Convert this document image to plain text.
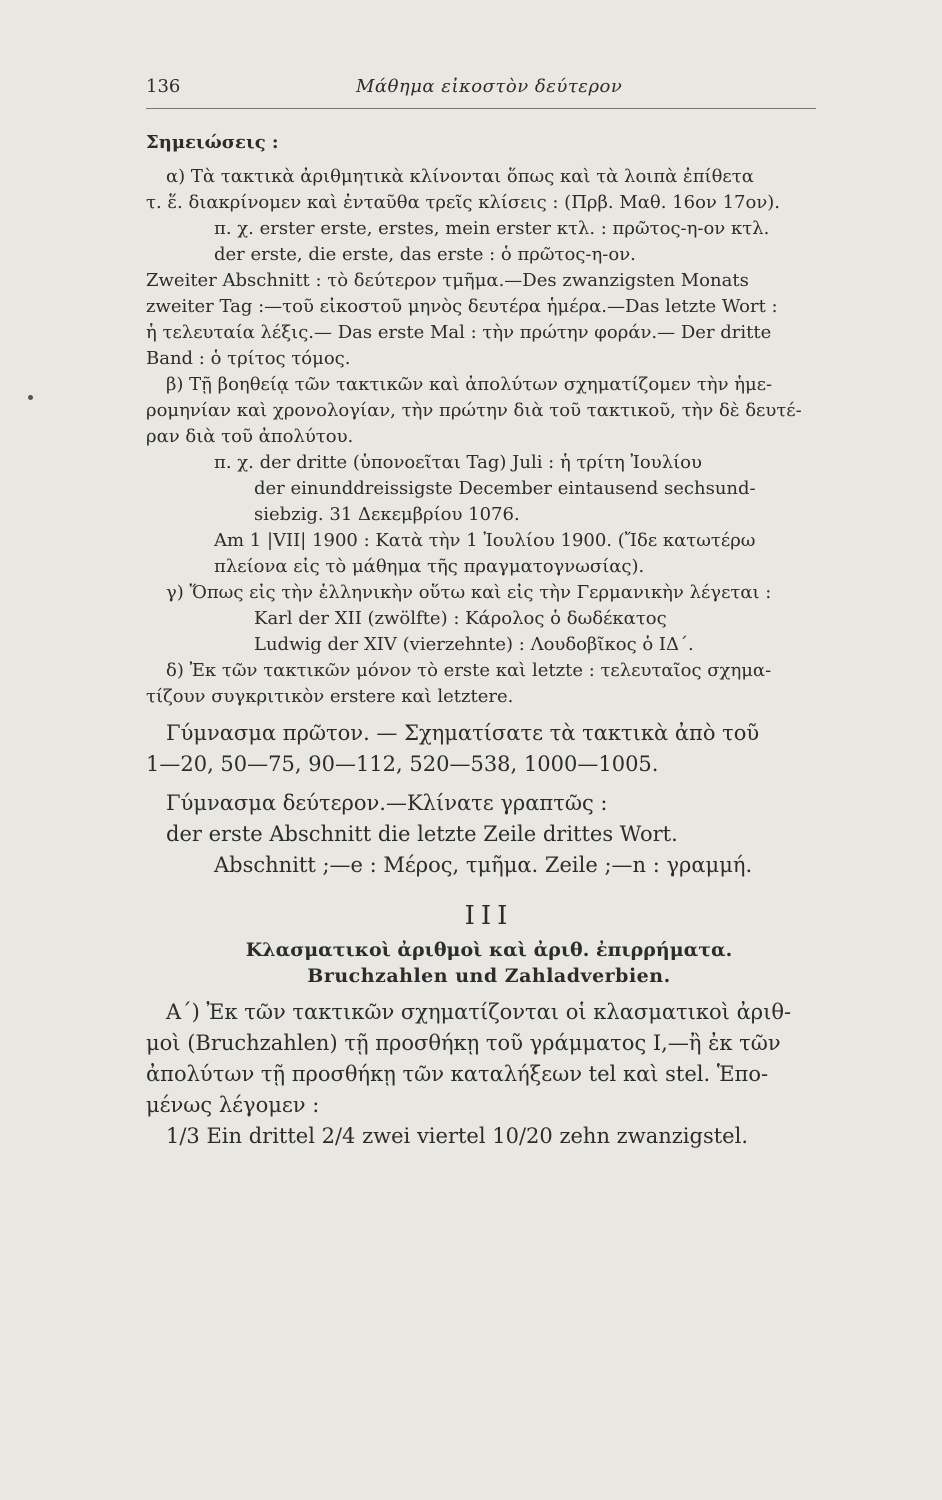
136	Μάθημα εἰκοστὸν δεύτερον
Σημειώσεις :
α) Τὰ τακτικὰ ἀριθμητικὰ κλίνονται ὅπως καὶ τὰ λοιπὰ ἐπίθετα
τ. ἕ. διακρίνομεν καὶ ἐνταῦθα τρεῖς κλίσεις : (Πρβ. Μαθ. 16ον 17ον).
π. χ. erster erste, erstes, mein erster κτλ. : πρῶτος-η-ον κτλ.
der erste, die erste, das erste : ὁ πρῶτος-η-ον.
Zweiter Abschnitt : τὸ δεύτερον τμῆμα.—Des zwanzigsten Monats
zweiter Tag :—τοῦ εἰκοστοῦ μηνὸς δευτέρα ἡμέρα.—Das letzte Wort :
ἡ τελευταία λέξις.— Das erste Mal : τὴν πρώτην φοράν.— Der dritte
Band : ὁ τρίτος τόμος.
β) Τῇ βοηθείᾳ τῶν τακτικῶν καὶ ἀπολύτων σχηματίζομεν τὴν ἡμε-
ρομηνίαν καὶ χρονολογίαν, τὴν πρώτην διὰ τοῦ τακτικοῦ, τὴν δὲ δευτέ-
ραν διὰ τοῦ ἀπολύτου.
π. χ. der dritte (ὑπονοεῖται Tag) Juli : ἡ τρίτη Ἰουλίου
der einunddreissigste December eintausend sechsund-
siebzig. 31 Δεκεμβρίου 1076.
Am 1 |VII| 1900 : Κατὰ τὴν 1 Ἰουλίου 1900. (Ἴδε κατωτέρω
πλείονα εἰς τὸ μάθημα τῆς πραγματογνωσίας).
γ) Ὅπως εἰς τὴν ἑλληνικὴν οὕτω καὶ εἰς τὴν Γερμανικὴν λέγεται :
Karl der XII (zwölfte) : Κάρολος ὁ δωδέκατος
Ludwig der XIV (vierzehnte) : Λουδοβῖκος ὁ ΙΔ΄.
δ) Ἐκ τῶν τακτικῶν μόνον τὸ erste καὶ letzte : τελευταῖος σχημα-
τίζουν συγκριτικὸν erstere καὶ letztere.
Γύμνασμα πρῶτον. — Σχηματίσατε τὰ τακτικὰ ἀπὸ τοῦ
1—20, 50—75, 90—112, 520—538, 1000—1005.
Γύμνασμα δεύτερον.—Κλίνατε γραπτῶς :
der erste Abschnitt die letzte Zeile drittes Wort.
Abschnitt ;—e : Μέρος, τμῆμα. Zeile ;—n : γραμμή.
III
Κλασματικοὶ ἀριθμοὶ καὶ ἀριθ. ἐπιρρήματα.
Bruchzahlen und Zahladverbien.
Α΄) Ἐκ τῶν τακτικῶν σχηματίζονται οἱ κλασματικοὶ ἀριθ-
μοὶ (Bruchzahlen) τῇ προσθήκῃ τοῦ γράμματος I,—ἢ ἐκ τῶν
ἀπολύτων τῇ προσθήκῃ τῶν καταλήξεων tel καὶ stel. Ἑπο-
μένως λέγομεν :
1/3 Ein drittel 2/4 zwei viertel 10/20 zehn zwanzigstel.
